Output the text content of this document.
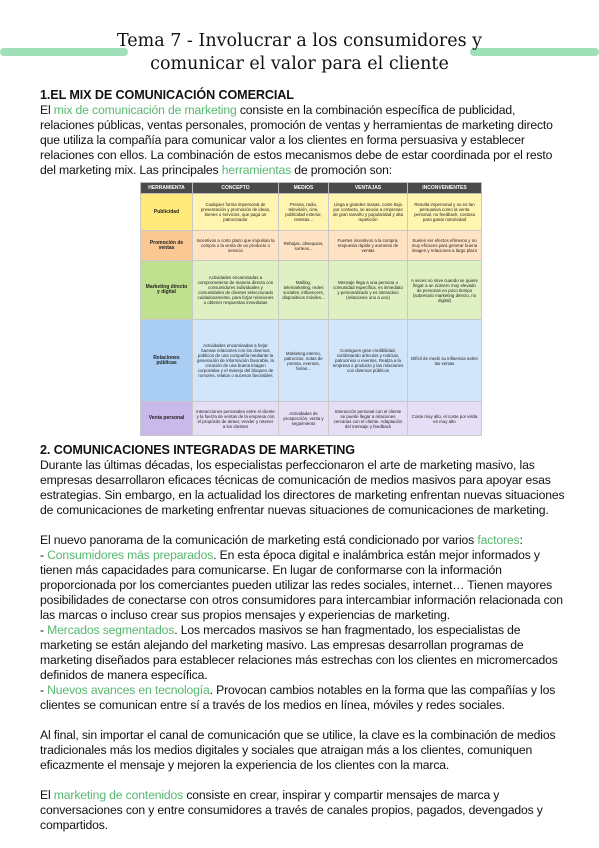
Tema 7 - Involucrar a los consumidores y
comunicar el valor para el cliente
1.EL MIX DE COMUNICACIÓN COMERCIAL

El mix de comunicación de marketing consiste en la combinación específica de publicidad, relaciones públicas, ventas personales, promoción de ventas y herramientas de marketing directo que utiliza la compañía para comunicar valor a los clientes en forma persuasiva y establecer relaciones con ellos. La combinación de estos mecanismos debe de estar coordinada por el resto del marketing mix. Las principales herramientas de promoción son:

HERRAMIENTA	CONCEPTO	MEDIOS	VENTAJAS	INCONVENIENTES
Publicidad	Cualquier forma impersonal de presentación y promoción de ideas, bienes o servicios, que paga un patrocinador	Prensa, radio, televisión, cine, publicidad exterior, revistas...	Llega a grandes masas, coste bajo por contacto, se asocia a empresas de gran tamaño y popularidad y alta repetición	Resulta impersonal y no es tan persuasiva como la venta personal, no feedback, costosa para ganar notoriedad
Promoción de ventas	Incentivos a corto plazo que impulsan la compra o la venta de un producto o servicio	Rebajas, obsequios, sorteos...	Fuertes incentivos a la compra, respuesta rápida y aumento de ventas	Suelen ser efectos efímeros y no muy eficaces para generar buena imagen y relaciones a largo plazo
Marketing directo y digital	Actividades encaminadas a comprometerse de manera directa con consumidores individuales y comunidades de clientes seleccionado cuidadosamente, para forjar relaciones u obtener respuestas inmediatas	Mailing, telemarketing, redes sociales, influencers, dispositivos móviles...	Mensaje llega a una persona o comunidad específica, es inmediato y personalizado y es interactivo (relaciones uno a uno)	A veces no sirve cuando se quiere llegar a un número muy elevado de personas en poco tiempo (sobretodo marketing directo, no digital)
Relaciones públicas	Actividades encaminadas a forjar buenas relaciones con los diversos públicos de una compañía mediante la generación de información favorable, la creación de una buena imagen corporativa y el manejo del bloqueo de rumores, relatos o sucesos favorables	Marketing interno, patrocinio, notas de prensa, eventos, ferias...	Consiguen gran credibilidad, combinando artículos y noticias, patrocinios o eventos. Realza a la empresa o producto y las relaciones con diversos públicos	Difícil de medir su influencia sobre las ventas
Venta personal	Interacciones personales entre el cliente y la fuerza de ventas de la empresa con el propósito de atraer, vender y retener a los clientes	Actividades de prospección, venta y seguimiento	Interacción personal con el cliente se puede llegar a relaciones cercanas con el cliente. Adaptación del mensaje y feedback	Coste muy alto, el coste por visita es muy alto
2. COMUNICACIONES INTEGRADAS DE MARKETING

Durante las últimas décadas, los especialistas perfeccionaron el arte de marketing masivo, las empresas desarrollaron eficaces técnicas de comunicación de medios masivos para apoyar esas estrategias. Sin embargo, en la actualidad los directores de marketing enfrentan nuevas situaciones de comunicaciones de marketing enfrentar nuevas situaciones de comunicaciones de marketing.

El nuevo panorama de la comunicación de marketing está condicionado por varios factores:

- Consumidores más preparados. En esta época digital e inalámbrica están mejor informados y tienen más capacidades para comunicarse. En lugar de conformarse con la información proporcionada por los comerciantes pueden utilizar las redes sociales, internet… Tienen mayores posibilidades de conectarse con otros consumidores para intercambiar información relacionada con las marcas o incluso crear sus propios mensajes y experiencias de marketing.

- Mercados segmentados. Los mercados masivos se han fragmentado, los especialistas de marketing se están alejando del marketing masivo. Las empresas desarrollan programas de marketing diseñados para establecer relaciones más estrechas con los clientes en micromercados definidos de manera específica.

- Nuevos avances en tecnología. Provocan cambios notables en la forma que las compañías y los clientes se comunican entre sí a través de los medios en línea, móviles y redes sociales.

Al final, sin importar el canal de comunicación que se utilice, la clave es la combinación de medios tradicionales más los medios digitales y sociales que atraigan más a los clientes, comuniquen eficazmente el mensaje y mejoren la experiencia de los clientes con la marca.

El marketing de contenidos consiste en crear, inspirar y compartir mensajes de marca y conversaciones con y entre consumidores a través de canales propios, pagados, devengados y compartidos.
